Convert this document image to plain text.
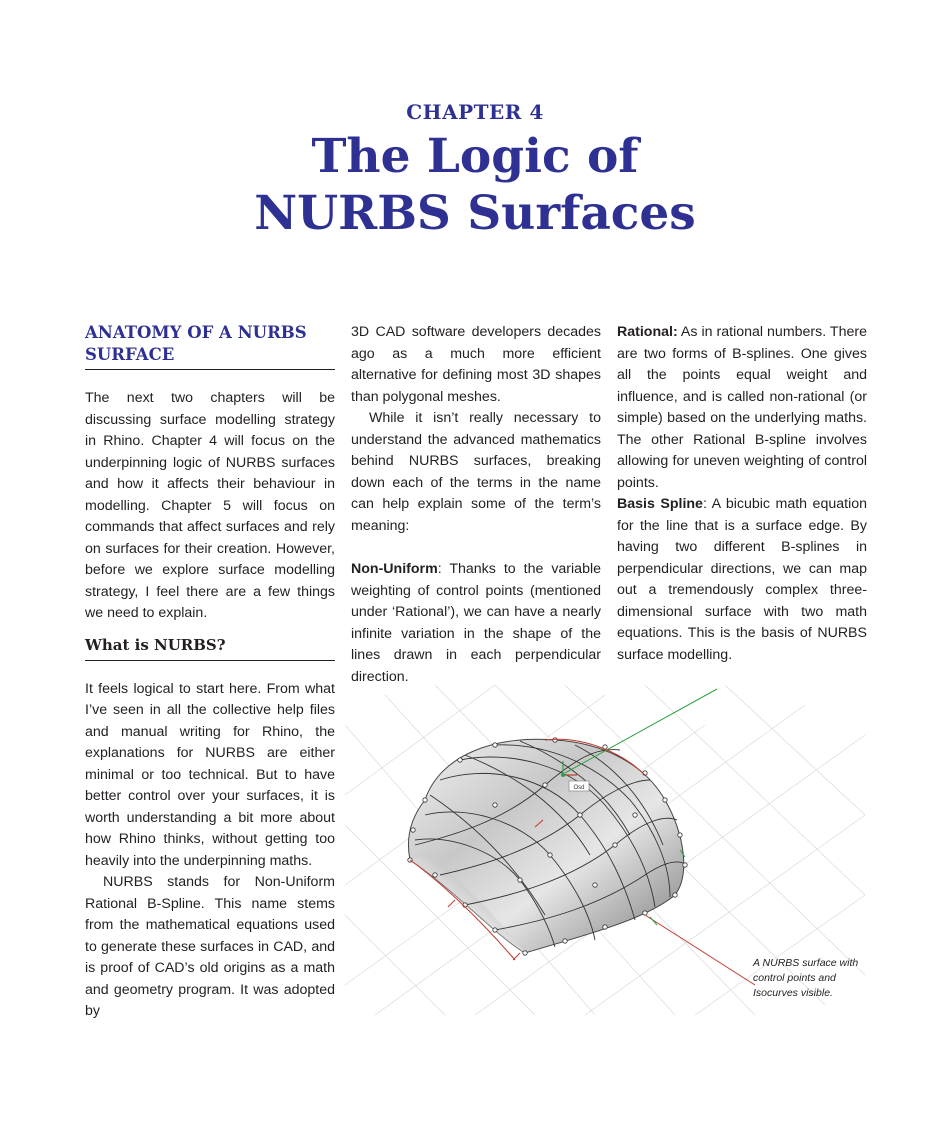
CHAPTER 4
The Logic of
NURBS Surfaces
ANATOMY OF A NURBS SURFACE

The next two chapters will be discussing surface modelling strategy in Rhino. Chapter 4 will focus on the underpinning logic of NURBS surfaces and how it affects their behaviour in modelling. Chapter 5 will focus on commands that affect surfaces and rely on surfaces for their creation. However, before we explore surface modelling strategy, I feel there are a few things we need to explain.

What is NURBS?

It feels logical to start here. From what I’ve seen in all the collective help files and manual writing for Rhino, the explanations for NURBS are either minimal or too technical. But to have better control over your surfaces, it is worth understanding a bit more about how Rhino thinks, without getting too heavily into the underpinning maths.

NURBS stands for Non-Uniform Rational B-Spline. This name stems from the mathematical equations used to generate these surfaces in CAD, and is proof of CAD’s old origins as a math and geometry program. It was adopted by

3D CAD software developers decades ago as a much more efficient alternative for defining most 3D shapes than polygonal meshes.

While it isn’t really necessary to understand the advanced mathematics behind NURBS surfaces, breaking down each of the terms in the name can help explain some of the term’s meaning:

Non-Uniform: Thanks to the variable weighting of control points (mentioned under ‘Rational’), we can have a nearly infinite variation in the shape of the lines drawn in each perpendicular direction.

Rational: As in rational numbers. There are two forms of B-splines. One gives all the points equal weight and influence, and is called non-rational (or simple) based on the underlying maths. The other Rational B-spline involves allowing for uneven weighting of control points.

Basis Spline: A bicubic math equation for the line that is a surface edge. By having two different B-splines in perpendicular directions, we can map out a tremendously complex three-dimensional surface with two math equations. This is the basis of NURBS surface modelling.

Osd
A NURBS surface with control points and Isocurves visible.
